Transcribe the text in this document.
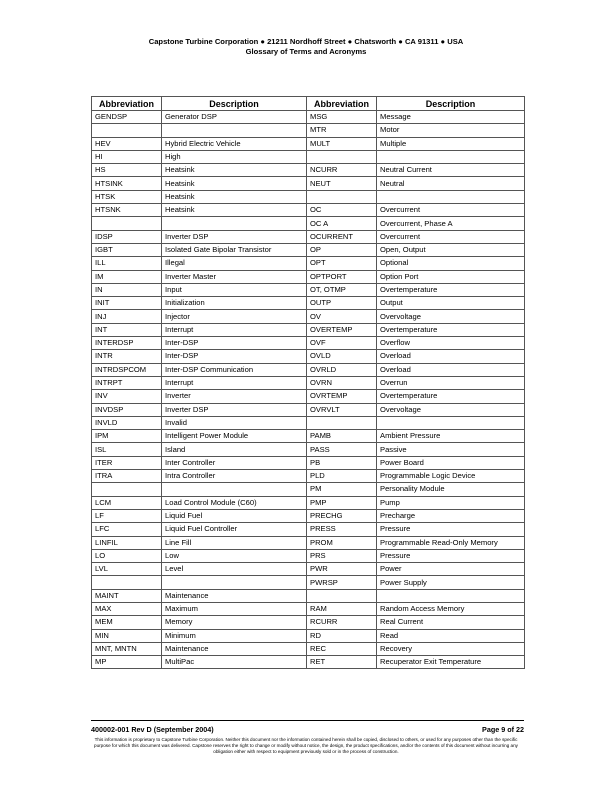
Capstone Turbine Corporation ● 21211 Nordhoff Street ● Chatsworth ● CA 91311 ● USA
Glossary of Terms and Acronyms
Abbreviation	Description	Abbreviation	Description
GENDSP	Generator DSP	MSG	Message
		MTR	Motor
HEV	Hybrid Electric Vehicle	MULT	Multiple
HI	High		
HS	Heatsink	NCURR	Neutral Current
HTSINK	Heatsink	NEUT	Neutral
HTSK	Heatsink		
HTSNK	Heatsink	OC	Overcurrent
		OC A	Overcurrent, Phase A
IDSP	Inverter DSP	OCURRENT	Overcurrent
IGBT	Isolated Gate Bipolar Transistor	OP	Open, Output
ILL	Illegal	OPT	Optional
IM	Inverter Master	OPTPORT	Option Port
IN	Input	OT, OTMP	Overtemperature
INIT	Initialization	OUTP	Output
INJ	Injector	OV	Overvoltage
INT	Interrupt	OVERTEMP	Overtemperature
INTERDSP	Inter-DSP	OVF	Overflow
INTR	Inter-DSP	OVLD	Overload
INTRDSPCOM	Inter-DSP Communication	OVRLD	Overload
INTRPT	Interrupt	OVRN	Overrun
INV	Inverter	OVRTEMP	Overtemperature
INVDSP	Inverter DSP	OVRVLT	Overvoltage
INVLD	Invalid		
IPM	Intelligent Power Module	PAMB	Ambient Pressure
ISL	Island	PASS	Passive
ITER	Inter Controller	PB	Power Board
ITRA	Intra Controller	PLD	Programmable Logic Device
		PM	Personality Module
LCM	Load Control Module (C60)	PMP	Pump
LF	Liquid Fuel	PRECHG	Precharge
LFC	Liquid Fuel Controller	PRESS	Pressure
LINFIL	Line Fill	PROM	Programmable Read-Only Memory
LO	Low	PRS	Pressure
LVL	Level	PWR	Power
		PWRSP	Power Supply
MAINT	Maintenance		
MAX	Maximum	RAM	Random Access Memory
MEM	Memory	RCURR	Real Current
MIN	Minimum	RD	Read
MNT, MNTN	Maintenance	REC	Recovery
MP	MultiPac	RET	Recuperator Exit Temperature
400002-001 Rev D (September 2004)	Page 9 of 22
This information is proprietary to Capstone Turbine Corporation. Neither this document nor the information contained herein shall be copied, disclosed to others, or used for any purposes other than the specific purpose for which this document was delivered. Capstone reserves the right to change or modify without notice, the design, the product specifications, and/or the contents of this document without incurring any obligation either with respect to equipment previously sold or in the process of construction.
